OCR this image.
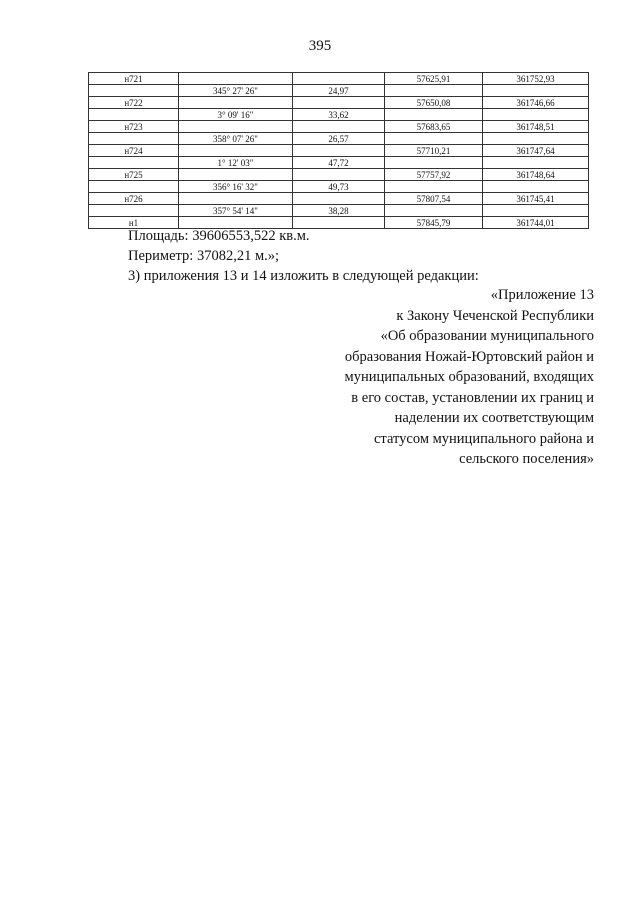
395
н721			57625,91	361752,93
	345° 27' 26"	24,97		
н722			57650,08	361746,66
	3° 09' 16"	33,62		
н723			57683,65	361748,51
	358° 07' 26"	26,57		
н724			57710,21	361747,64
	1° 12' 03"	47,72		
н725			57757,92	361748,64
	356° 16' 32"	49,73		
н726			57807,54	361745,41
	357° 54' 14"	38,28		
н1			57845,79	361744,01

Площадь: 39606553,522 кв.м.

Периметр: 37082,21 м.»;

3) приложения 13 и 14 изложить в следующей редакции:

«Приложение 13
к Закону Чеченской Республики
«Об образовании муниципального
образования Ножай-Юртовский район и
муниципальных образований, входящих
в его состав, установлении их границ и
наделении их соответствующим
статусом муниципального района и
сельского поселения»
